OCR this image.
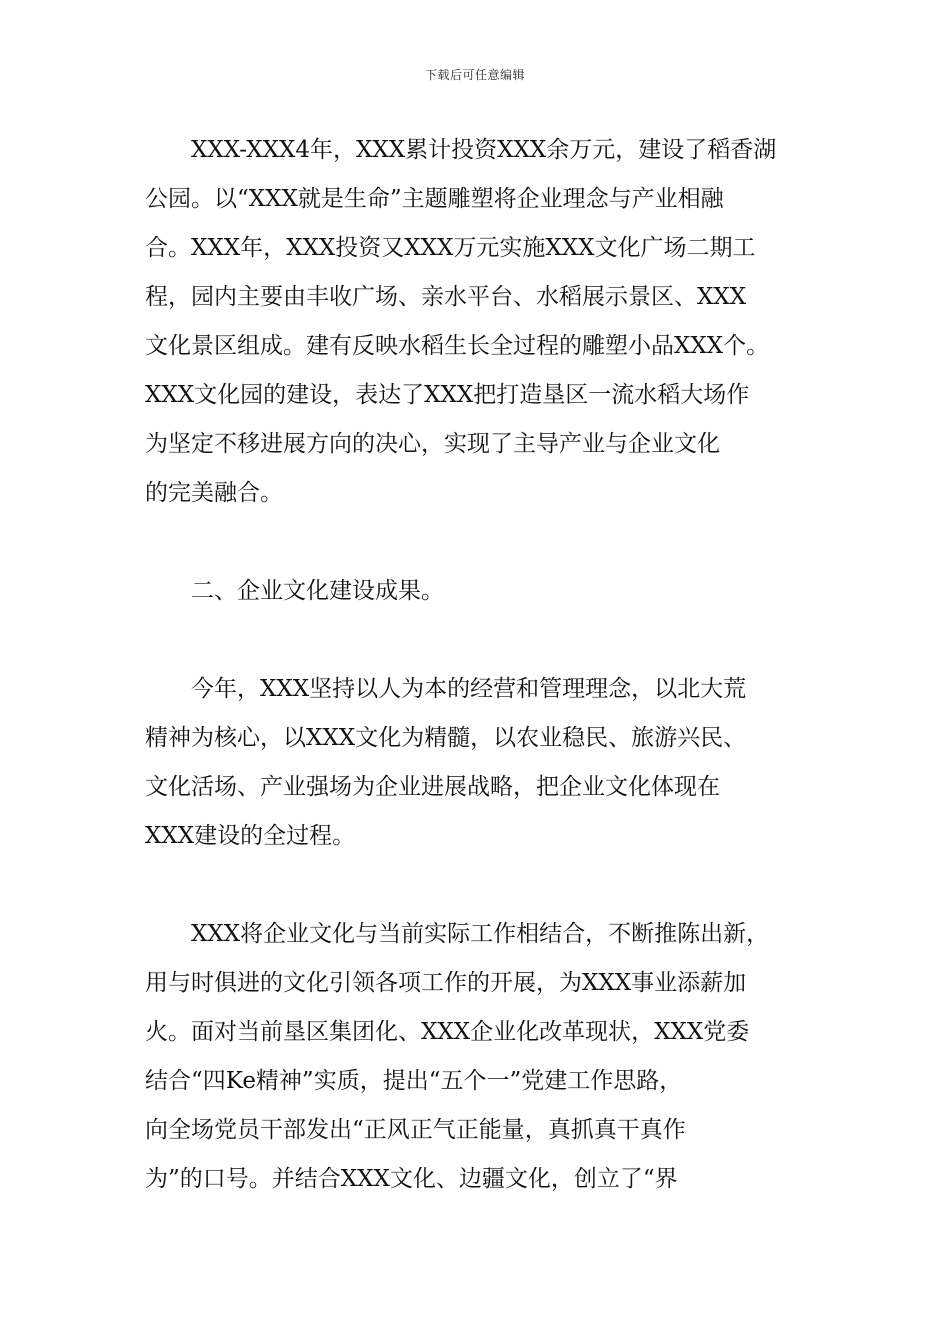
下载后可任意编辑

XXX-XXX4年，XXX累计投资XXX余万元，建设了稻香湖
公园。以“XXX就是生命”主题雕塑将企业理念与产业相融
合。XXX年，XXX投资又XXX万元实施XXX文化广场二期工
程，园内主要由丰收广场、亲水平台、水稻展示景区、XXX
文化景区组成。建有反映水稻生长全过程的雕塑小品XXX个。
XXX文化园的建设，表达了XXX把打造垦区一流水稻大场作
为坚定不移进展方向的决心，实现了主导产业与企业文化
的完美融合。

二、企业文化建设成果。

今年，XXX坚持以人为本的经营和管理理念，以北大荒
精神为核心，以XXX文化为精髓，以农业稳民、旅游兴民、
文化活场、产业强场为企业进展战略，把企业文化体现在
XXX建设的全过程。

XXX将企业文化与当前实际工作相结合，不断推陈出新，
用与时俱进的文化引领各项工作的开展，为XXX事业添薪加
火。面对当前垦区集团化、XXX企业化改革现状，XXX党委
结合“四Ke精神”实质，提出“五个一”党建工作思路，
向全场党员干部发出“正风正气正能量，真抓真干真作
为”的口号。并结合XXX文化、边疆文化，创立了“界
